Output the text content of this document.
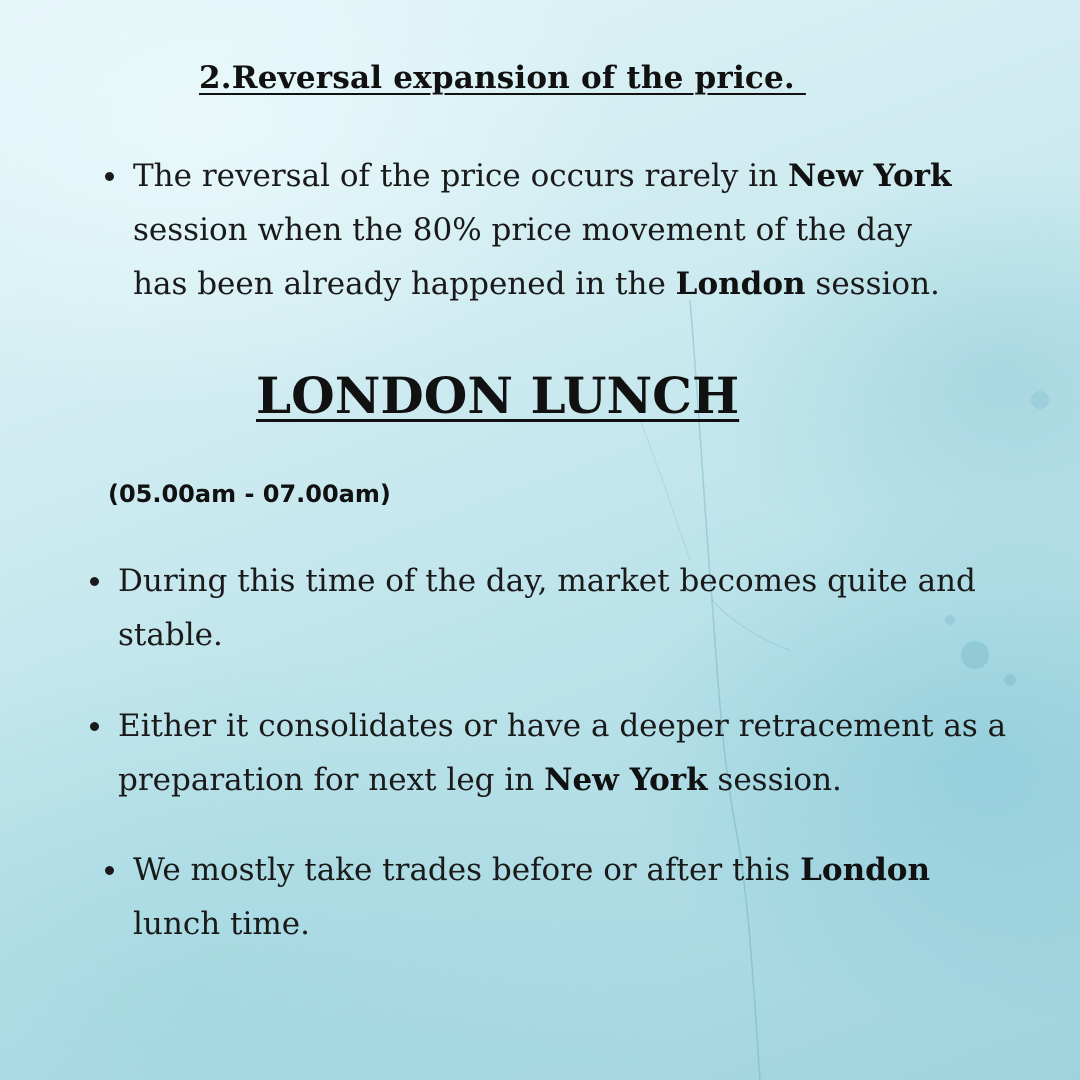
2.Reversal expansion of the price.

The reversal of the price occurs rarely in New York
session when the 80% price movement of the day
has been already happened in the London session.

LONDON LUNCH
(05.00am - 07.00am)

During this time of the day, market becomes quite and
stable.

Either it consolidates or have a deeper retracement as a
preparation for next leg in New York session.

We mostly take trades before or after this London
lunch time.
